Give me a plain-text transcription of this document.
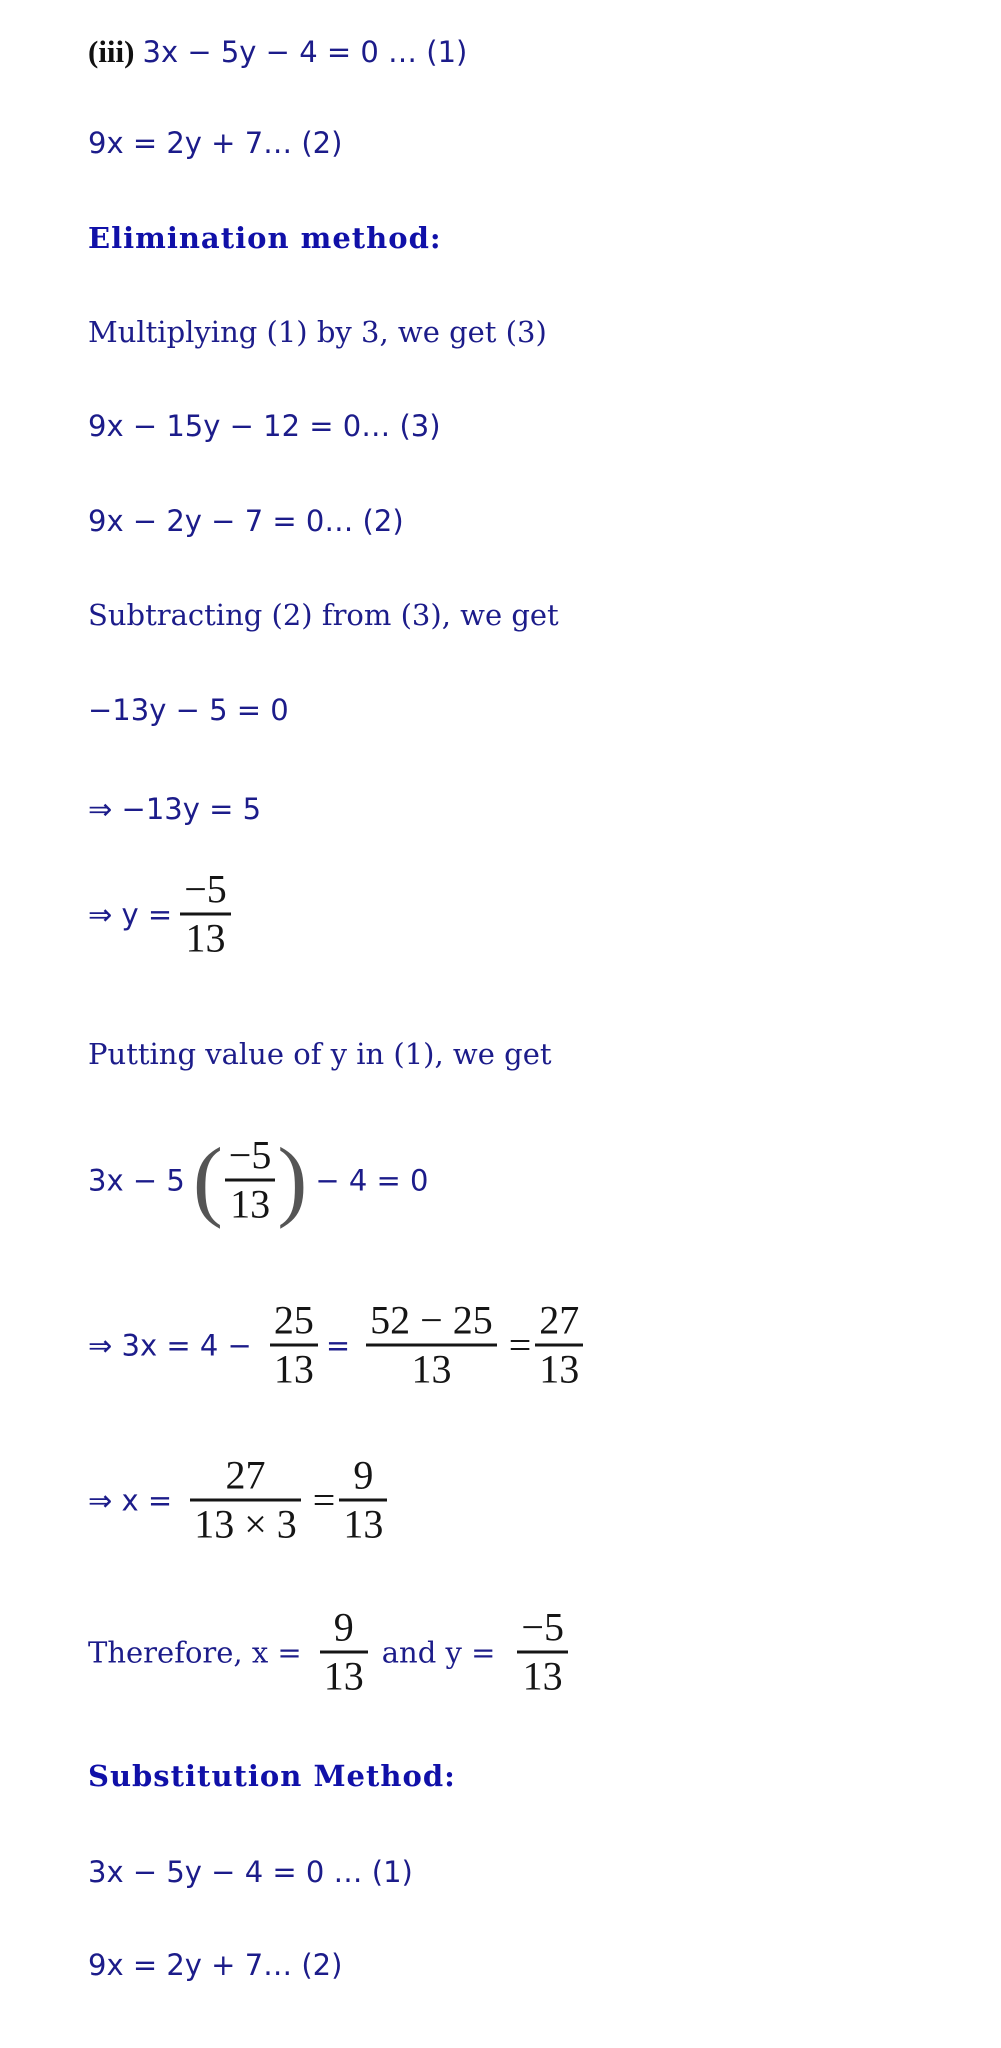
(iii) 3x − 5y − 4 = 0 … (1)
9x = 2y + 7… (2)
Elimination method:
Multiplying (1) by 3, we get (3)
9x − 15y − 12 = 0… (3)
9x − 2y − 7 = 0… (2)
Subtracting (2) from (3), we get
−13y − 5 = 0
⇒ −13y = 5
⇒ $y = \frac{-5}{13}$
Putting value of y in (1), we get
3x − 5 ( $\frac{-5}{13}$ ) − 4 = 0
⇒ $3x = 4 - \frac{25}{13} = \frac{52 - 25}{13} = \frac{27}{13}$
⇒ $x = \frac{27}{13 \times 3} = \frac{9}{13}$
Therefore, $x = \frac{9}{13}$ and $y = \frac{-5}{13}$
Substitution Method:
3x − 5y − 4 = 0 … (1)
9x = 2y + 7… (2)
